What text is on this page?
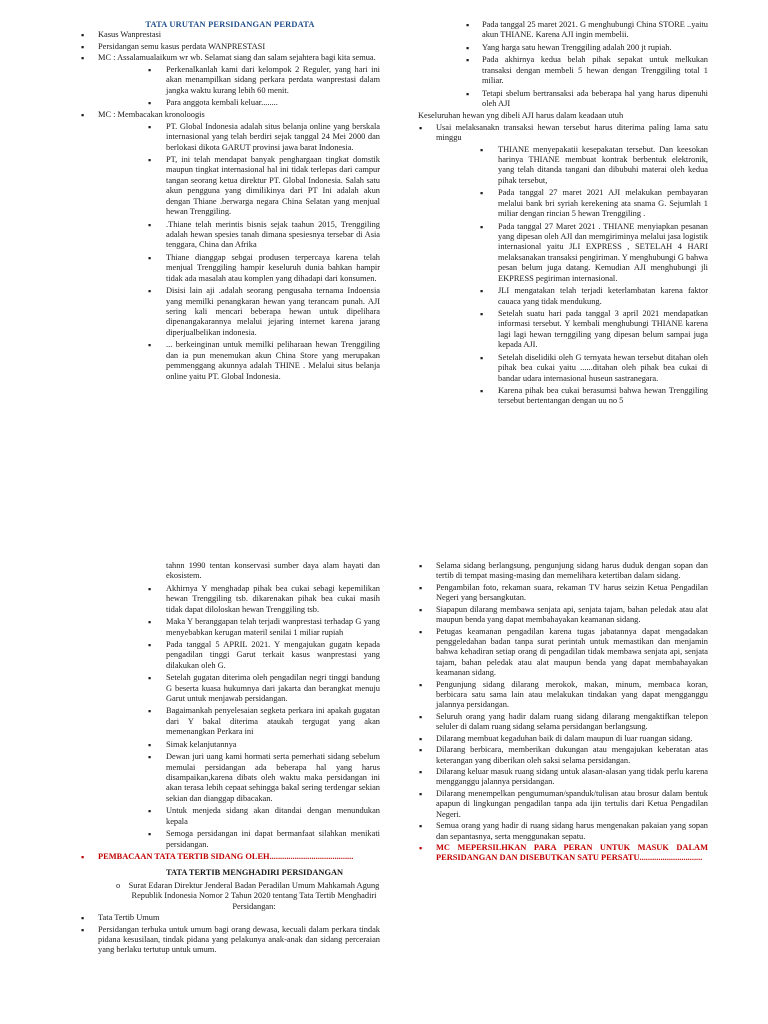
TATA URUTAN PERSIDANGAN PERDATA
▪ Kasus Wanprestasi
▪ Persidangan semu kasus perdata WANPRESTASI
▪ MC : Assalamualaikum wr wb. Selamat siang dan salam sejahtera bagi kita semua.
▪ Perkenalkanlah kami dari kelompok 2 Reguler, yang hari ini akan menampilkan sidang perkara perdata wanprestasi dalam jangka waktu kurang lebih 60 menit.
▪ Para anggota kembali keluar........
▪ MC : Membacakan kronoloogis
▪ PT. Global Indonesia adalah situs belanja online yang berskala internasional yang telah berdiri sejak tanggal 24 Mei 2000 dan berlokasi dikota GARUT provinsi jawa barat Indonesia.
▪ PT, ini telah mendapat banyak penghargaan tingkat domstik maupun tingkat internasional hal ini tidak terlepas dari campur tangan seorang ketua direktur PT. Global Indonesia. Salah satu akun pengguna yang dimilikinya dari PT Ini adalah akun dengan Thiane .berwarga negara China Selatan yang menjual hewan Trenggiling.
▪ .Thiane telah merintis bisnis sejak taahun 2015, Trenggiling adalah hewan spesies tanah dimana spesiesnya tersebar di Asia tenggara, China dan Afrika
▪ Thiane dianggap sebgai produsen terpercaya karena telah menjual Trenggiling hampir keseluruh dunia bahkan hampir tidak ada masalah atau komplen yang dihadapi dari konsumen.
▪ Disisi lain aji .adalah seorang pengusaha ternama Indoensia yang memilki penangkaran hewan yang terancam punah. AJI sering kali mencari beberapa hewan untuk dipelihara dipenangakarannya melalui jejaring internet karena jarang diperjualbelikan indonesia.
▪ ... berkeinginan untuk memilki peliharaan hewan Trenggiling dan ia pun menemukan akun China Store yang merupakan pemmenggang akunnya adalah THINE . Melalui situs belanja online yaitu PT. Global Indonesia.
▪ Pada tanggal 25 maret 2021. G menghubungi China STORE ..yaitu akun THIANE. Karena AJI ingin membelii.
▪ Yang harga satu hewan Trenggiling adalah 200 jt rupiah.
▪ Pada akhirnya kedua belah pihak sepakat untuk melkukan transaksi dengan membeli 5 hewan dengan Trenggiling total 1 miliar.
▪ Tetapi sbelum bertransaksi ada beberapa hal yang harus dipenuhi oleh AJI
Keseluruhan hewan yng dibeli AJI harus dalam keadaan utuh
▪ Usai melaksanakn transaksi hewan tersebut harus diterima paling lama satu minggu
▪ THIANE menyepakatii kesepakatan tersebut. Dan keesokan harinya THIANE membuat kontrak berbentuk elektronik, yang telah ditanda tangani dan dibubuhi materai oleh kedua pihak tersebut,
▪ Pada tanggal 27 maret 2021 AJI melakukan pembayaran melalui bank bri syriah kerekening ata snama G. Sejumlah 1 miliar dengan rincian 5 hewan Trenggiling .
▪ Pada tanggal 27 Maret 2021 . THIANE menyiapkan pesanan yang dipesan oleh AJI dan memgiriminya melalui jasa logistik internasional yaitu JLI EXPRESS , SETELAH 4 HARI melaksanakan transaksi pengiriman. Y menghubungi G bahwa pesan belum juga datang. Kemudian AJI menghubungi jli EKPRESS pegiriman internasional.
▪ JLI mengatakan telah terjadi keterlambatan karena faktor cauaca yang tidak mendukung.
▪ Setelah suatu hari pada tanggal 3 april 2021 mendapatkan informasi tersebut. Y kembali menghubungi THIANE karena lagi lagi hewan ternggiling yang dipesan belum sampai juga kepada AJI.
▪ Setelah diselidiki oleh G ternyata hewan tersebut ditahan oleh pihak bea cukai yaitu ......ditahan oleh pihak bea cukai di bandar udara internasional huseun sastranegara.
▪ Karena pihak bea cukai berasumsi bahwa hewan Trenggiling tersebut bertentangan dengan uu no 5
tahnn 1990 tentan konservasi sumber daya alam hayati dan ekosistem.
▪ Akhirnya Y menghadap pihak bea cukai sebagi kepemilikan hewan Trenggiling tsb. dikarenakan pihak bea cukai masih tidak dapat diloloskan hewan Trenggiling tsb.
▪ Maka Y beranggapan telah terjadi wanprestasi terhadap G yang menyebabkan kerugan materil senilai 1 miliar rupiah
▪ Pada tanggal 5 APRIL 2021. Y mengajukan gugatn kepada pengadilan tinggi Garut terkait kasus wanprestasi yang dilakukan oleh G.
▪ Setelah gugatan diterima oleh pengadilan negri tinggi bandung G beserta kuasa hukumnya dari jakarta dan berangkat menuju Garut untuk menjawab persidangan.
▪ Bagaimankah penyelesaian segketa perkara ini apakah gugatan dari Y bakal diterima ataukah tergugat yang akan memenangkan Perkara ini
▪ Simak kelanjutannya
▪ Dewan juri uang kami hormati serta pemerhati sidang sebelum memulai persidangan ada beberapa hal yang harus disampaikan,karena dibats oleh waktu maka persidangan ini akan terasa lebih cepaat sehingga bakal sering terdengar sekian sekian dan dianggap dibacakan.
▪ Untuk menjeda sidang akan ditandai dengan menundukan kepala
▪ Semoga persidangan ini dapat bermanfaat silahkan menikati persidangan.
▪ PEMBACAAN TATA TERTIB SIDANG OLEH........................................
TATA TERTIB MENGHADIRI PERSIDANGAN
o Surat Edaran Direktur Jenderal Badan Peradilan Umum Mahkamah Agung Republik Indonesia Nomor 2 Tahun 2020 tentang Tata Tertib Menghadiri Persidangan:
▪ Tata Tertib Umum
▪ Persidangan terbuka untuk umum bagi orang dewasa, kecuali dalam perkara tindak pidana kesusilaan, tindak pidana yang pelakunya anak-anak dan sidang perceraian yang berlaku tertutup untuk umum.
▪ Selama sidang berlangsung, pengunjung sidang harus duduk dengan sopan dan tertib di tempat masing-masing dan memelihara ketertiban dalam sidang.
▪ Pengambilan foto, rekaman suara, rekaman TV harus seizin Ketua Pengadilan Negeri yang bersangkutan.
▪ Siapapun dilarang membawa senjata api, senjata tajam, bahan peledak atau alat maupun benda yang dapat membahayakan keamanan sidang.
▪ Petugas keamanan pengadilan karena tugas jabatannya dapat mengadakan penggeledahan badan tanpa surat perintah untuk memastikan dan menjamin bahwa kehadiran setiap orang di pengadilan tidak membawa senjata api, senjata tajam, bahan peledak atau alat maupun benda yang dapat membahayakan keamanan sidang.
▪ Pengunjung sidang dilarang merokok, makan, minum, membaca koran, berbicara satu sama lain atau melakukan tindakan yang dapat mengganggu jalannya persidangan.
▪ Seluruh orang yang hadir dalam ruang sidang dilarang mengaktifkan telepon seluler di dalam ruang sidang selama persidangan berlangsung.
▪ Dilarang membuat kegaduhan baik di dalam maupun di luar ruangan sidang.
▪ Dilarang berbicara, memberikan dukungan atau mengajukan keberatan atas keterangan yang diberikan oleh saksi selama persidangan.
▪ Dilarang keluar masuk ruang sidang untuk alasan-alasan yang tidak perlu karena mengganggu jalannya persidangan.
▪ Dilarang menempelkan pengumuman/spanduk/tulisan atau brosur dalam bentuk apapun di lingkungan pengadilan tanpa ada ijin tertulis dari Ketua Pengadilan Negeri.
▪ Semua orang yang hadir di ruang sidang harus mengenakan pakaian yang sopan dan sepantasnya, serta menggunakan sepatu.
▪ MC MEPERSILHKAN PARA PERAN UNTUK MASUK DALAM PERSIDANGAN DAN DISEBUTKAN SATU PERSATU..............................
